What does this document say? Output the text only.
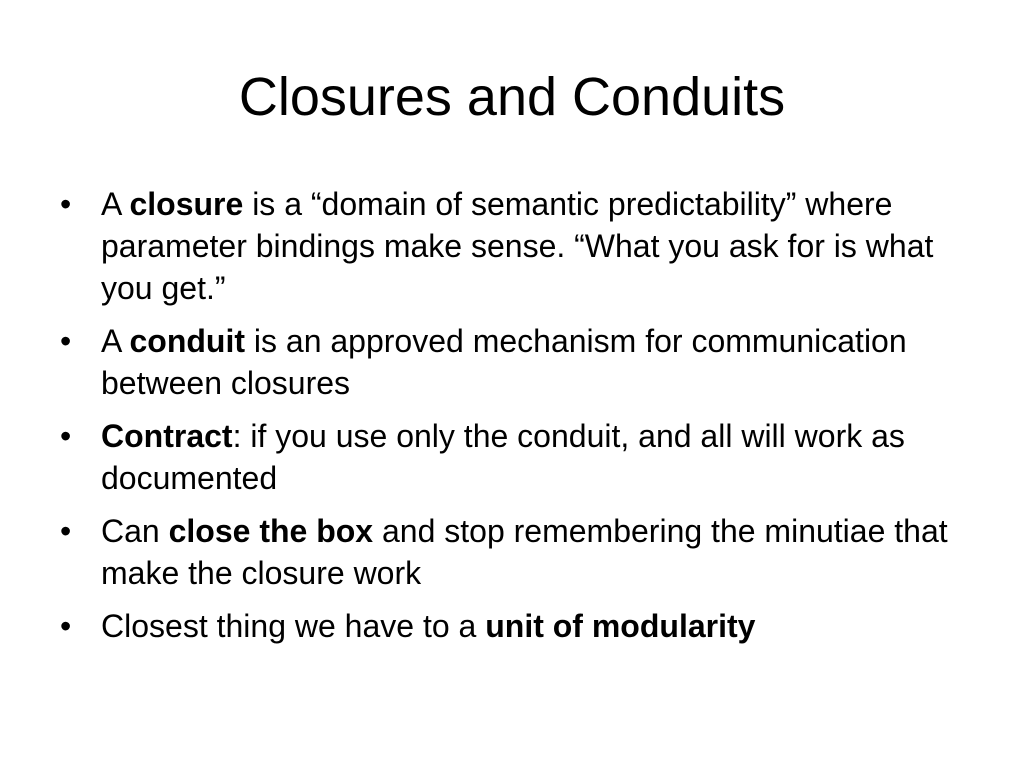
Closures and Conduits
• A closure is a “domain of semantic predictability” where parameter bindings make sense. “What you ask for is what you get.”
• A conduit is an approved mechanism for communication between closures
• Contract: if you use only the conduit, and all will work as documented
• Can close the box and stop remembering the minutiae that make the closure work
• Closest thing we have to a unit of modularity
